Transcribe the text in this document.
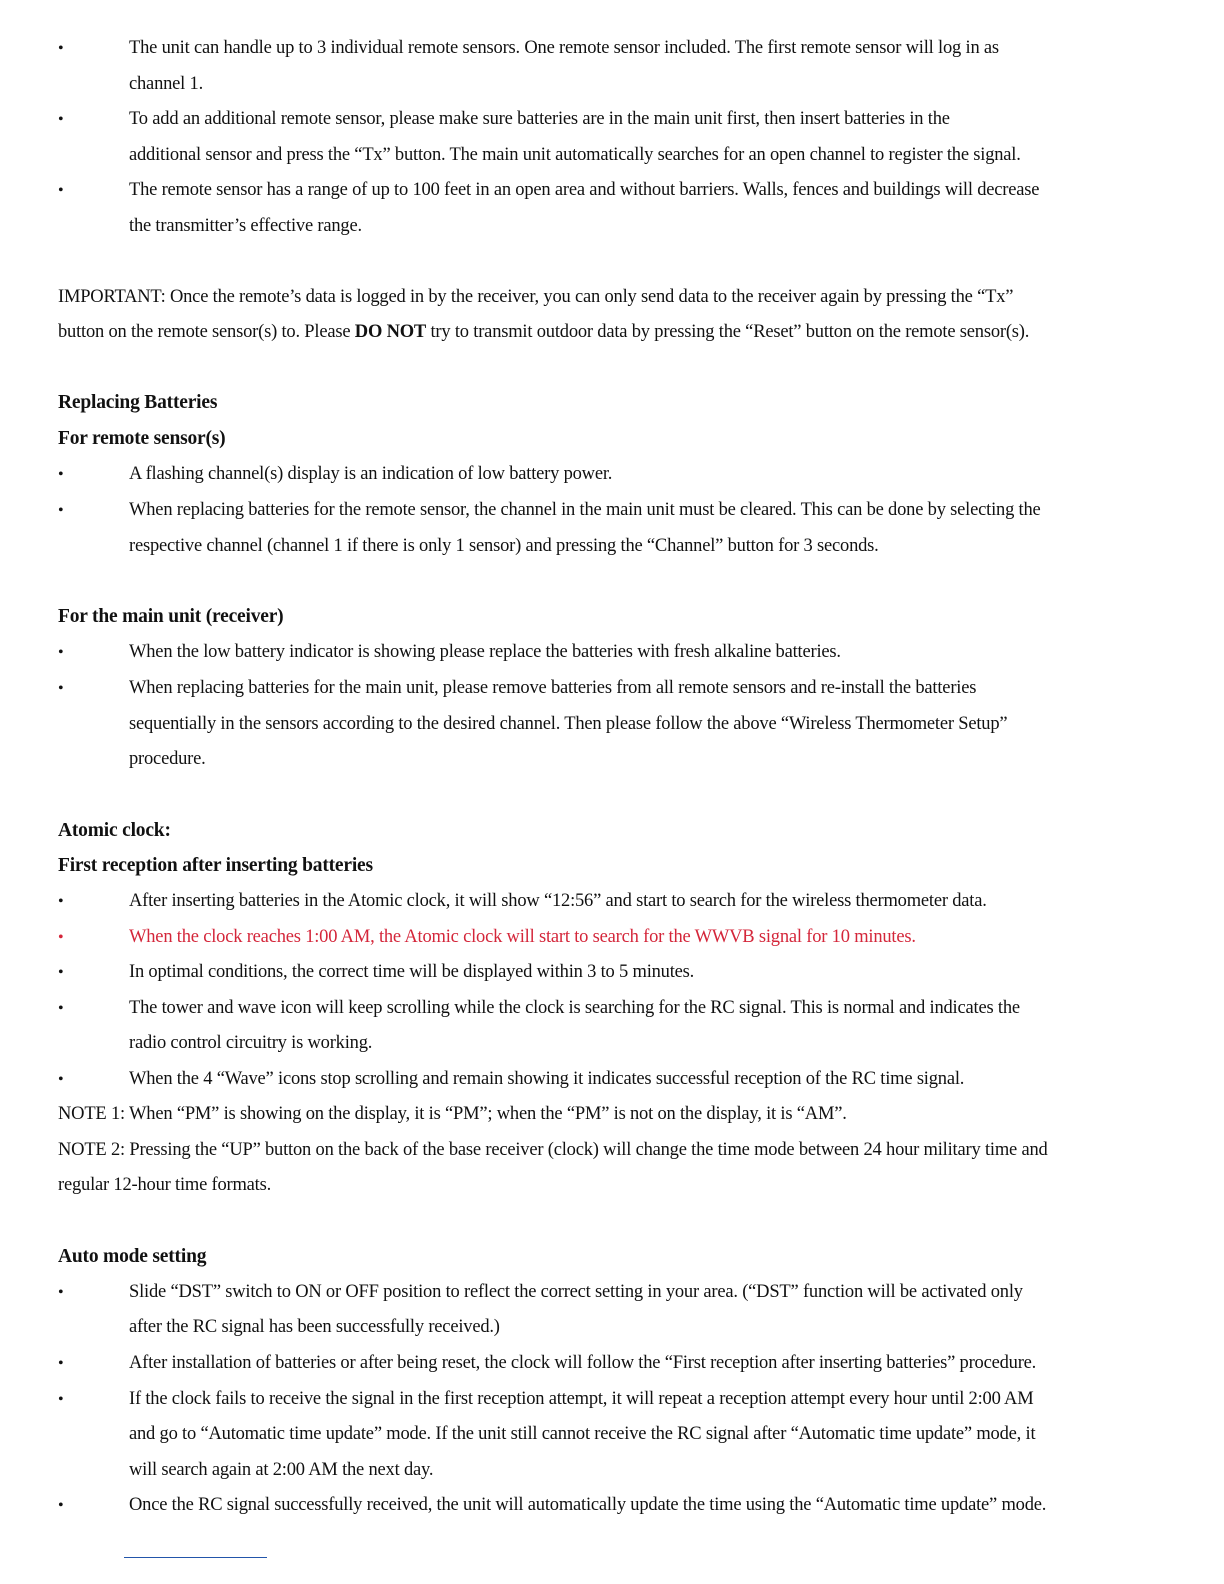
•	The unit can handle up to 3 individual remote sensors. One remote sensor included. The first remote sensor will log in as
channel 1.
•	To add an additional remote sensor, please make sure batteries are in the main unit first, then insert batteries in the
additional sensor and press the “Tx” button. The main unit automatically searches for an open channel to register the signal.
•	The remote sensor has a range of up to 100 feet in an open area and without barriers. Walls, fences and buildings will decrease
the transmitter’s effective range.
IMPORTANT: Once the remote’s data is logged in by the receiver, you can only send data to the receiver again by pressing the “Tx”
button on the remote sensor(s) to. Please DO NOT try to transmit outdoor data by pressing the “Reset” button on the remote sensor(s).
Replacing Batteries
For remote sensor(s)
•	A flashing channel(s) display is an indication of low battery power.
•	When replacing batteries for the remote sensor, the channel in the main unit must be cleared. This can be done by selecting the
respective channel (channel 1 if there is only 1 sensor) and pressing the “Channel” button for 3 seconds.
For the main unit (receiver)
•	When the low battery indicator is showing please replace the batteries with fresh alkaline batteries.
•	When replacing batteries for the main unit, please remove batteries from all remote sensors and re-install the batteries
sequentially in the sensors according to the desired channel. Then please follow the above “Wireless Thermometer Setup”
procedure.
Atomic clock:
First reception after inserting batteries
•	After inserting batteries in the Atomic clock, it will show “12:56” and start to search for the wireless thermometer data.
•	When the clock reaches 1:00 AM, the Atomic clock will start to search for the WWVB signal for 10 minutes.
•	In optimal conditions, the correct time will be displayed within 3 to 5 minutes.
•	The tower and wave icon will keep scrolling while the clock is searching for the RC signal. This is normal and indicates the
radio control circuitry is working.
•	When the 4 “Wave” icons stop scrolling and remain showing it indicates successful reception of the RC time signal.
NOTE 1: When “PM” is showing on the display, it is “PM”; when the “PM” is not on the display, it is “AM”.
NOTE 2: Pressing the “UP” button on the back of the base receiver (clock) will change the time mode between 24 hour military time and
regular 12-hour time formats.
Auto mode setting
•	Slide “DST” switch to ON or OFF position to reflect the correct setting in your area. (“DST” function will be activated only
after the RC signal has been successfully received.)
•	After installation of batteries or after being reset, the clock will follow the “First reception after inserting batteries” procedure.
•	If the clock fails to receive the signal in the first reception attempt, it will repeat a reception attempt every hour until 2:00 AM
and go to “Automatic time update” mode. If the unit still cannot receive the RC signal after “Automatic time update” mode, it
will search again at 2:00 AM the next day.
•	Once the RC signal successfully received, the unit will automatically update the time using the “Automatic time update” mode.
